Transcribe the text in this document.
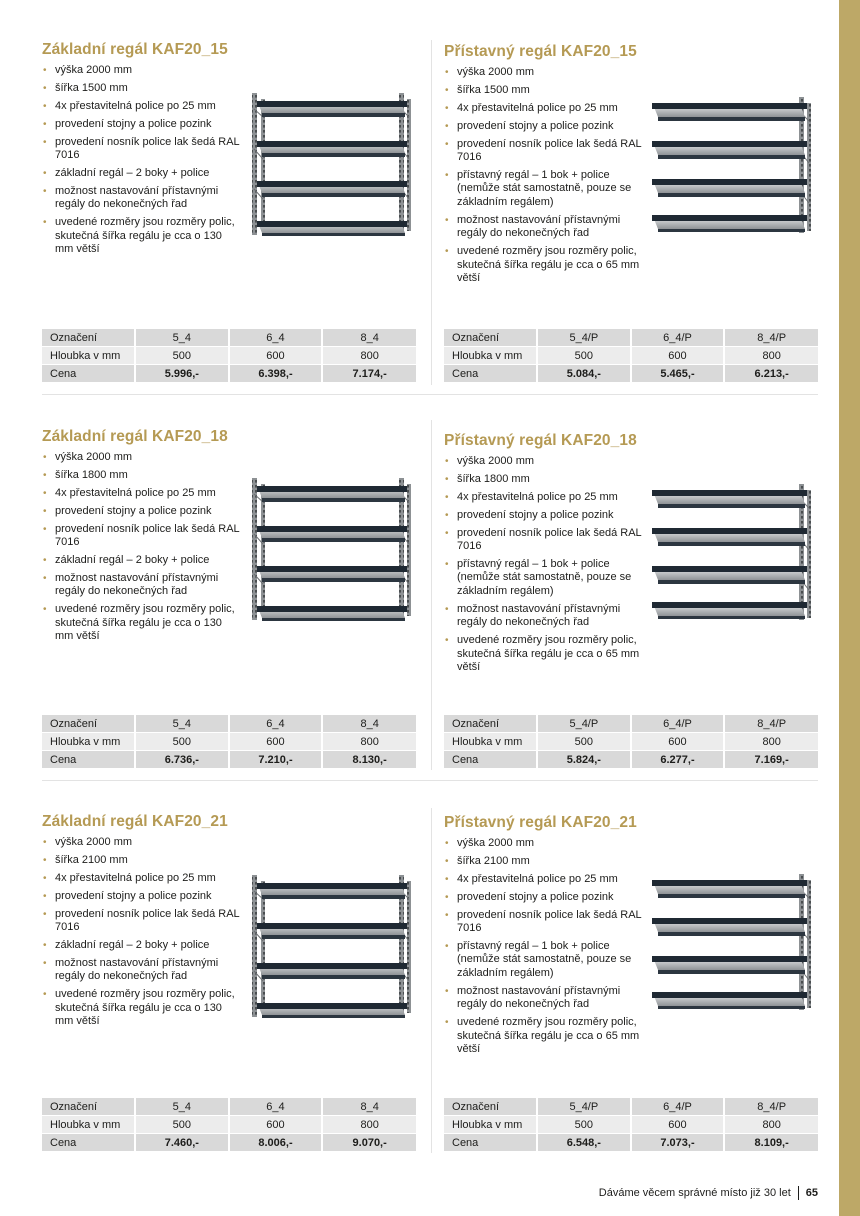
Základní regál KAF20_15
• výška 2000 mm
• šířka 1500 mm
• 4x přestavitelná police po 25 mm
• provedení stojny a police pozink
• provedení nosník police lak šedá RAL 7016
• základní regál – 2 boky + police
• možnost nastavování přístavnými regály do nekonečných řad
• uvedené rozměry jsou rozměry polic, skutečná šířka regálu je cca o 130 mm větší
Označení	5_4	6_4	8_4
Hloubka v mm	500	600	800
Cena	5.996,-	6.398,-	7.174,-
Přístavný regál KAF20_15
• výška 2000 mm
• šířka 1500 mm
• 4x přestavitelná police po 25 mm
• provedení stojny a police pozink
• provedení nosník police lak šedá RAL 7016
• přístavný regál – 1 bok + police (nemůže stát samostatně, pouze se základním regálem)
• možnost nastavování přístavnými regály do nekonečných řad
• uvedené rozměry jsou rozměry polic, skutečná šířka regálu je cca o 65 mm větší
Označení	5_4/P	6_4/P	8_4/P
Hloubka v mm	500	600	800
Cena	5.084,-	5.465,-	6.213,-
Základní regál KAF20_18
• výška 2000 mm
• šířka 1800 mm
• 4x přestavitelná police po 25 mm
• provedení stojny a police pozink
• provedení nosník police lak šedá RAL 7016
• základní regál – 2 boky + police
• možnost nastavování přístavnými regály do nekonečných řad
• uvedené rozměry jsou rozměry polic, skutečná šířka regálu je cca o 130 mm větší
Označení	5_4	6_4	8_4
Hloubka v mm	500	600	800
Cena	6.736,-	7.210,-	8.130,-
Přístavný regál KAF20_18
• výška 2000 mm
• šířka 1800 mm
• 4x přestavitelná police po 25 mm
• provedení stojny a police pozink
• provedení nosník police lak šedá RAL 7016
• přístavný regál – 1 bok + police (nemůže stát samostatně, pouze se základním regálem)
• možnost nastavování přístavnými regály do nekonečných řad
• uvedené rozměry jsou rozměry polic, skutečná šířka regálu je cca o 65 mm větší
Označení	5_4/P	6_4/P	8_4/P
Hloubka v mm	500	600	800
Cena	5.824,-	6.277,-	7.169,-
Základní regál KAF20_21
• výška 2000 mm
• šířka 2100 mm
• 4x přestavitelná police po 25 mm
• provedení stojny a police pozink
• provedení nosník police lak šedá RAL 7016
• základní regál – 2 boky + police
• možnost nastavování přístavnými regály do nekonečných řad
• uvedené rozměry jsou rozměry polic, skutečná šířka regálu je cca o 130 mm větší
Označení	5_4	6_4	8_4
Hloubka v mm	500	600	800
Cena	7.460,-	8.006,-	9.070,-
Přístavný regál KAF20_21
• výška 2000 mm
• šířka 2100 mm
• 4x přestavitelná police po 25 mm
• provedení stojny a police pozink
• provedení nosník police lak šedá RAL 7016
• přístavný regál – 1 bok + police (nemůže stát samostatně, pouze se základním regálem)
• možnost nastavování přístavnými regály do nekonečných řad
• uvedené rozměry jsou rozměry polic, skutečná šířka regálu je cca o 65 mm větší
Označení	5_4/P	6_4/P	8_4/P
Hloubka v mm	500	600	800
Cena	6.548,-	7.073,-	8.109,-
Dáváme věcem správné místo již 30 let 65
